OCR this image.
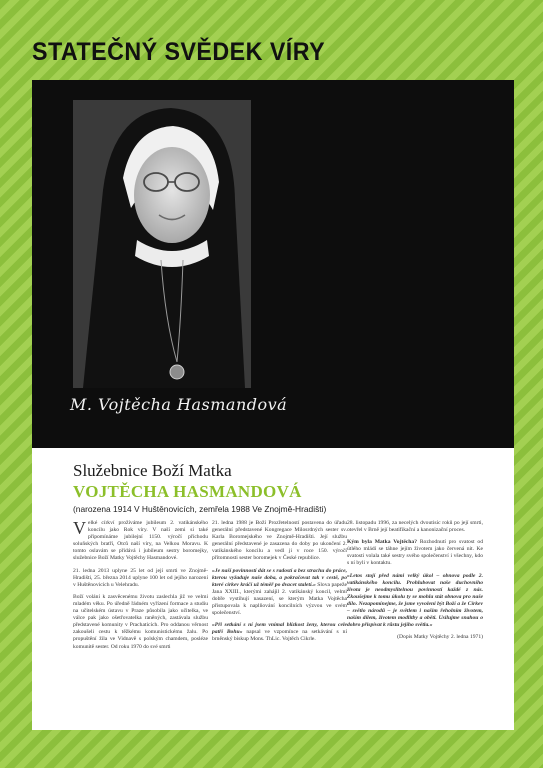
STATEČNÝ SVĚDEK VÍRY
M. Vojtěcha Hasmandová
Služebnice Boží Matka
VOJTĚCHA HASMANDOVÁ
(narozena 1914 V Huštěnovicích, zemřela 1988 Ve Znojmě-Hradišti)

Velké církví prožíváme jubileum 2. vatikánského koncilu jako Rok víry. V naší zemi si také připomínáme jubilejní 1150. výročí příchodu soluňských bratří, Otců naší víry, na Velkou Moravu. K tomto oslavám se přidává i jubileum sestry boromejky, služebnice Boží Matky Vojtěchy Hasmandové.

21. ledna 2013 uplyne 25 let od její smrti ve Znojmě-Hradišti, 25. března 2014 uplyne 100 let od jejího narození v Huštěnovicích u Velehradu.

Boží volání k zasvěcenému životu zaslechla již ve velmi mladém věku. Po úředně řádném vyřízení formace a studiu na učitelském ústavu v Praze působila jako učitelka, ve válce pak jako ošetřovatelka raněných, zastávala službu představené komunity v Prachaticích. Pro oddanou věrnost zakoušeli cestu k těžkému komunistickému žalu. Po propuštění žila ve Vidnavě s polským chamdem, posléze komunitě sester. Od roku 1970 do své smrti

21. ledna 1988 je Boží Prozřetelností postavena do úřadu generální představené Kongregace Milosrdných sester sv. Karla Boromejského ve Znojmě-Hradišti. Její službu generální představené je zasazena do doby po ukončení 2. vatikánského koncilu a vedl ji v roce 150. výročí přítomnosti sester boromejek v České republice.

»Je naší povinností dát se s radostí a bez strachu do práce, kterou vyžaduje naše doba, a pokračovat tak v cestě, po které církev kráčí už téměř po dvacet staletí.« Slova papeže Jana XXIII., kterými zahájil 2. vatikánský koncil, velmi dobře vystihují nasazení, se kterým Matka Vojtěcha přistupovala k naplňování koncilních výzvou ve svém společenství.

»Při setkání s ní jsem vnímal blízkost ženy, kterou cele patří Bohu« napsal ve vzpomínce na setkávání s ní brněnský biskup Mons. ThLic. Vojtěch Cikrle.

28. listopadu 1996, za necelých dvoutisíc roků po její smrti, otevřel v Brně její beatifikační a kanonizační proces.

Kým byla Matka Vojtěcha? Rozhodnutí pro svatost od útlého mládí se táhne jejím životem jako červená nit. Ke svatosti volala také sestry svého společenství i všechny, kdo s ní byli v kontaktu.

»Letos stojí před námi velký úkol – obnova podle 2. vatikánského koncilu. Prohlubovat naše duchovního života je neodmyslitelnou povinností každé z nás. Zkoušejme k tomu úkolu ty se mohla stát obnova pro naše dílo. Nezapomínejme, že jsme vyvoleni být Boží a že Církev – světlo národů – je světlem i našim řeholním životem, naším dílem, životem modlitby a oběti. Usilujme snahou o dobro přispívat k růstu jejího světla.«

(Dopis Matky Vojtěchy 2. ledna 1971)
